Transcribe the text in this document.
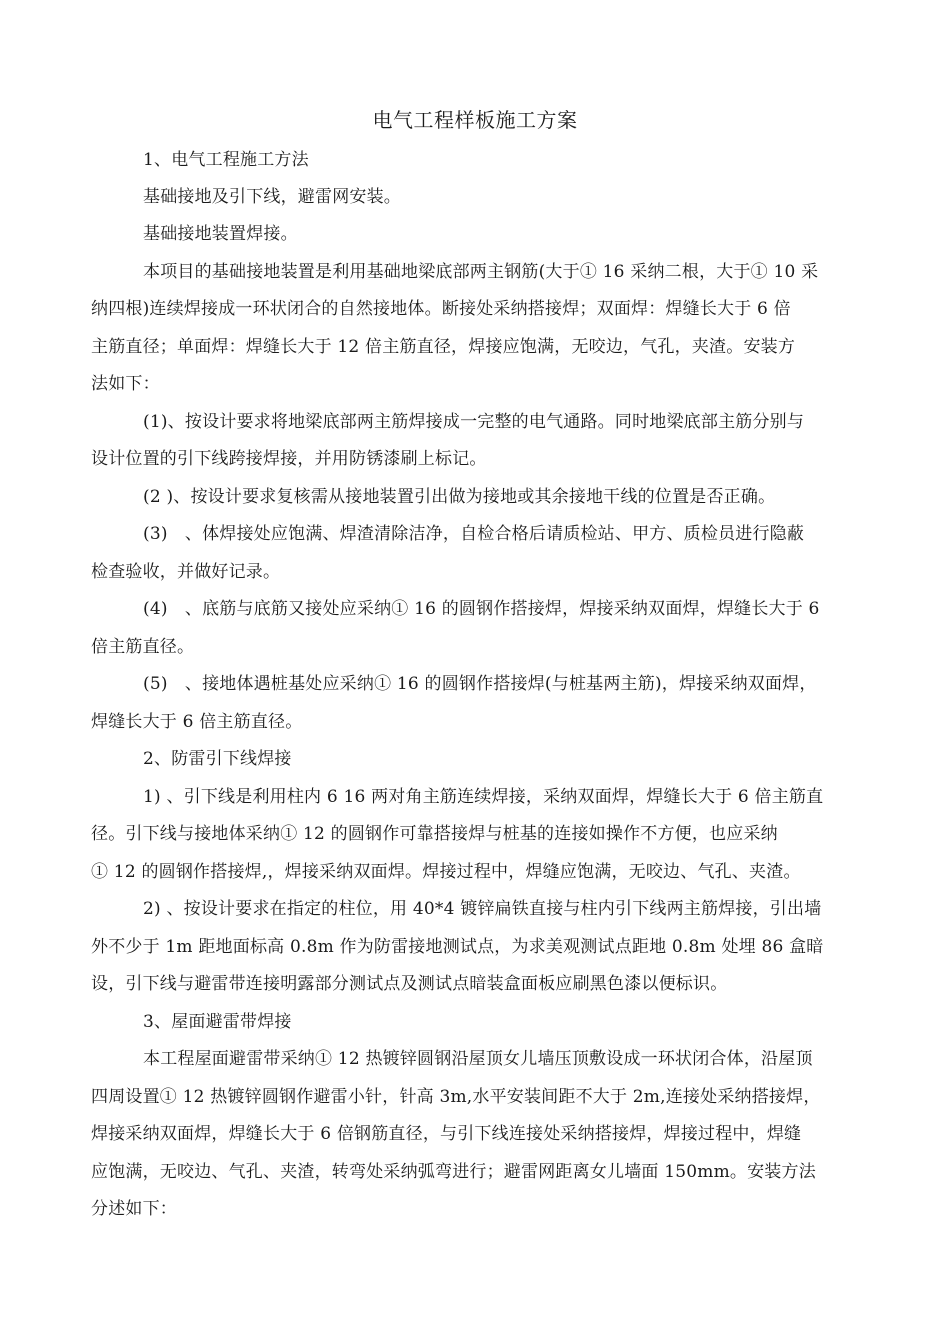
电气工程样板施工方案
1、电气工程施工方法
基础接地及引下线，避雷网安装。
基础接地装置焊接。
本项目的基础接地装置是利用基础地梁底部两主钢筋(大于① 16 采纳二根，大于① 10 采
纳四根)连续焊接成一环状闭合的自然接地体。断接处采纳搭接焊；双面焊：焊缝长大于 6 倍
主筋直径；单面焊：焊缝长大于 12 倍主筋直径，焊接应饱满，无咬边，气孔，夹渣。安装方
法如下：
(1)、按设计要求将地梁底部两主筋焊接成一完整的电气通路。同时地梁底部主筋分别与
设计位置的引下线跨接焊接，并用防锈漆刷上标记。
(2 )、按设计要求复核需从接地装置引出做为接地或其余接地干线的位置是否正确。
(3)　、体焊接处应饱满、焊渣清除洁净，自检合格后请质检站、甲方、质检员进行隐蔽
检查验收，并做好记录。
(4)　、底筋与底筋又接处应采纳① 16 的圆钢作搭接焊，焊接采纳双面焊，焊缝长大于 6
倍主筋直径。
(5)　、接地体遇桩基处应采纳① 16 的圆钢作搭接焊(与桩基两主筋)，焊接采纳双面焊，
焊缝长大于 6 倍主筋直径。
2、防雷引下线焊接
1) 、引下线是利用柱内 6 16 两对角主筋连续焊接，采纳双面焊，焊缝长大于 6 倍主筋直
径。引下线与接地体采纳① 12 的圆钢作可靠搭接焊与桩基的连接如操作不方便，也应采纳
① 12 的圆钢作搭接焊,，焊接采纳双面焊。焊接过程中，焊缝应饱满，无咬边、气孔、夹渣。
2) 、按设计要求在指定的柱位，用 40*4 镀锌扁铁直接与柱内引下线两主筋焊接，引出墙
外不少于 1m 距地面标高 0.8m 作为防雷接地测试点，为求美观测试点距地 0.8m 处埋 86 盒暗
设，引下线与避雷带连接明露部分测试点及测试点暗装盒面板应刷黑色漆以便标识。
3、屋面避雷带焊接
本工程屋面避雷带采纳① 12 热镀锌圆钢沿屋顶女儿墙压顶敷设成一环状闭合体，沿屋顶
四周设置① 12 热镀锌圆钢作避雷小针，针高 3m,水平安装间距不大于 2m,连接处采纳搭接焊，
焊接采纳双面焊，焊缝长大于 6 倍钢筋直径，与引下线连接处采纳搭接焊，焊接过程中，焊缝
应饱满，无咬边、气孔、夹渣，转弯处采纳弧弯进行；避雷网距离女儿墙面 150mm。安装方法
分述如下：
